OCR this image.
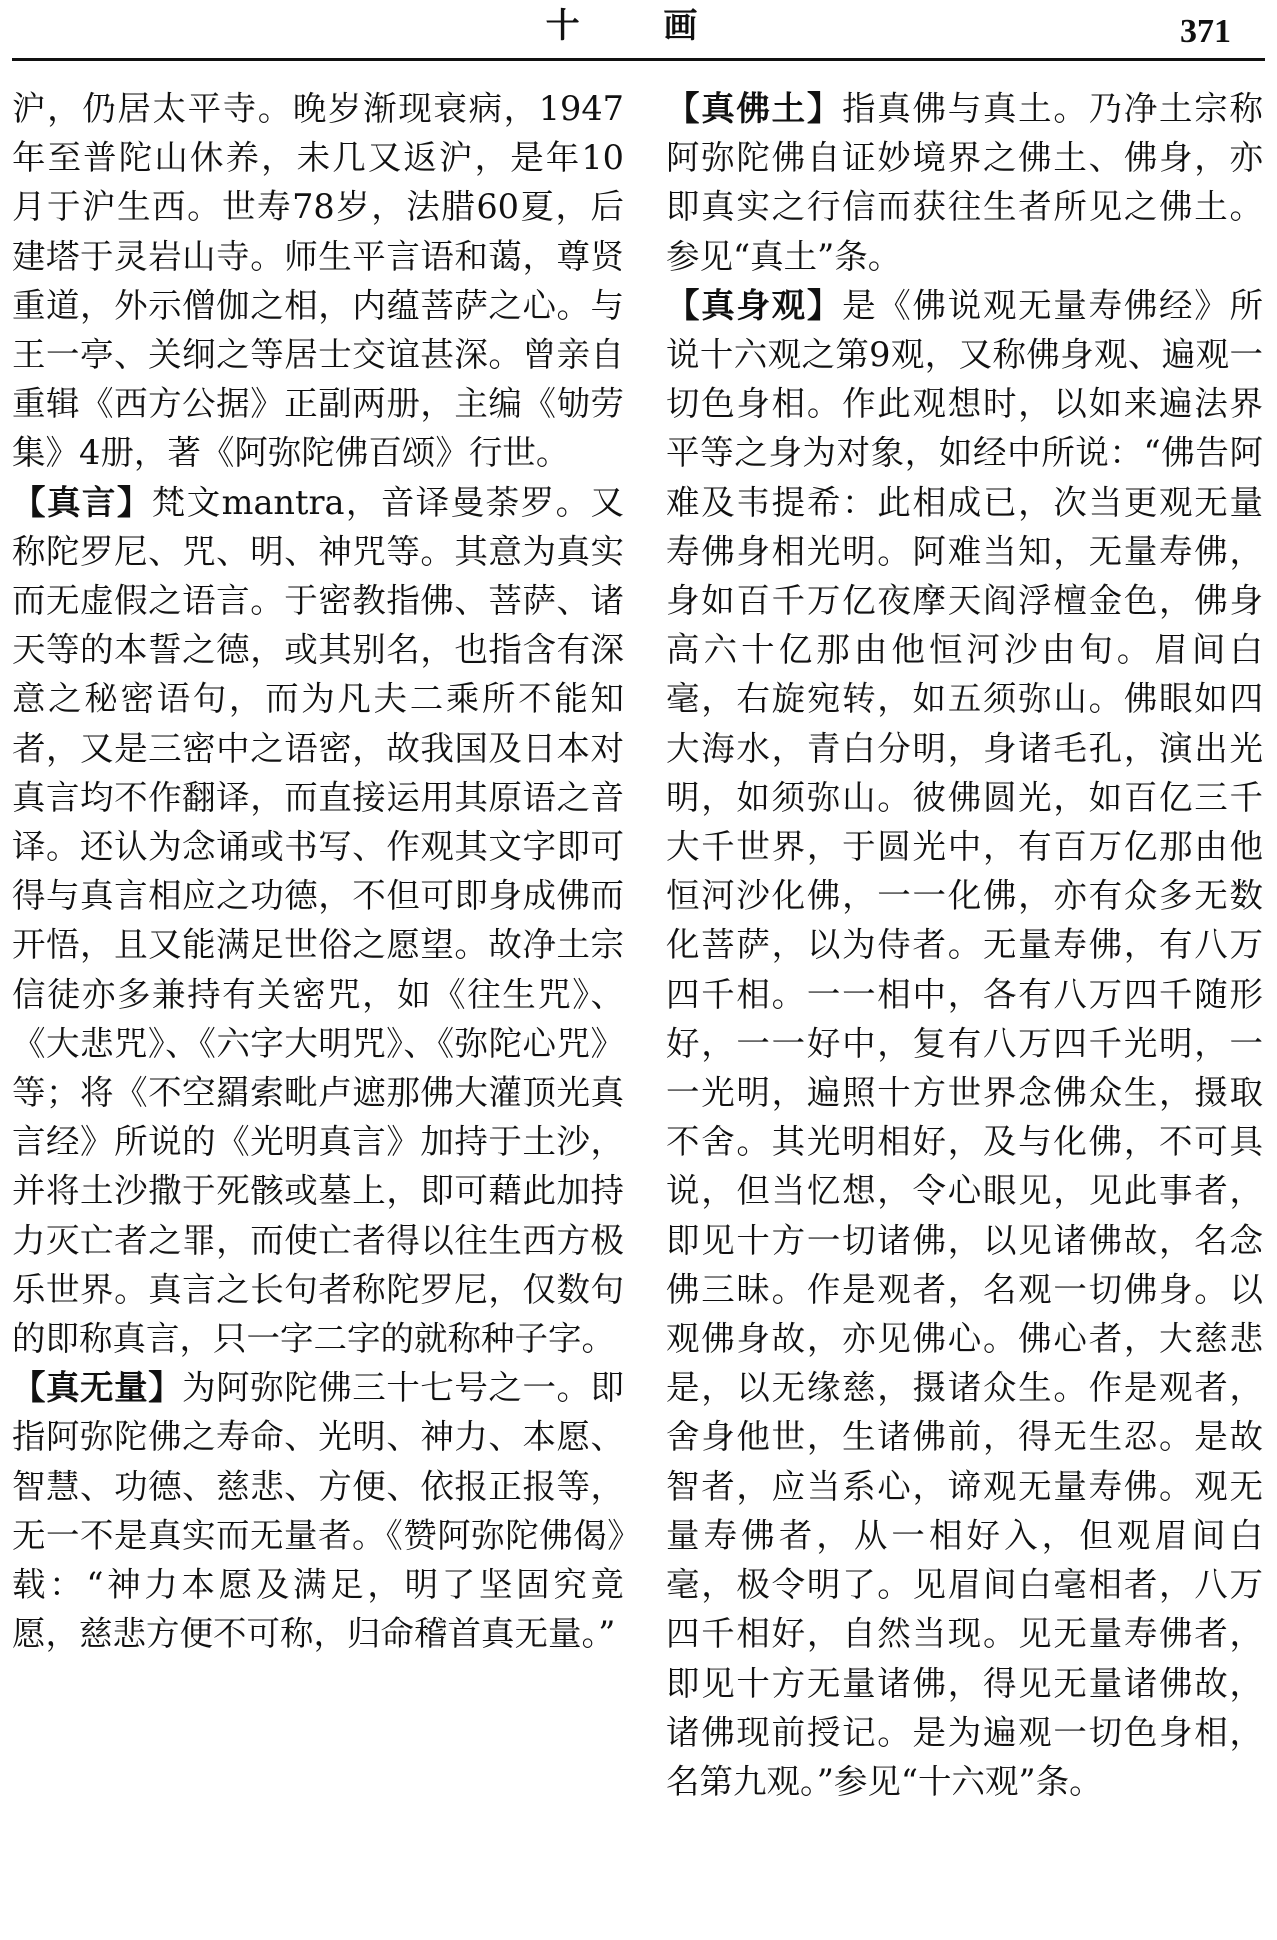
十 画	371

沪，仍居太平寺。晚岁渐现衰病，1947年至普陀山休养，未几又返沪，是年10月于沪生西。世寿78岁，法腊60夏，后建塔于灵岩山寺。师生平言语和蔼，尊贤重道，外示僧伽之相，内蕴菩萨之心。与王一亭、关䌹之等居士交谊甚深。曾亲自重辑《西方公据》正副两册，主编《劬劳集》4册，著《阿弥陀佛百颂》行世。

【真言】梵文mantra，音译曼荼罗。又称陀罗尼、咒、明、神咒等。其意为真实而无虚假之语言。于密教指佛、菩萨、诸天等的本誓之德，或其别名，也指含有深意之秘密语句，而为凡夫二乘所不能知者，又是三密中之语密，故我国及日本对真言均不作翻译，而直接运用其原语之音译。还认为念诵或书写、作观其文字即可得与真言相应之功德，不但可即身成佛而开悟，且又能满足世俗之愿望。故净土宗信徒亦多兼持有关密咒，如《往生咒》、《大悲咒》、《六字大明咒》、《弥陀心咒》等；将《不空羂索毗卢遮那佛大灌顶光真言经》所说的《光明真言》加持于土沙，并将土沙撒于死骸或墓上，即可藉此加持力灭亡者之罪，而使亡者得以往生西方极乐世界。真言之长句者称陀罗尼，仅数句的即称真言，只一字二字的就称种子字。

【真无量】为阿弥陀佛三十七号之一。即指阿弥陀佛之寿命、光明、神力、本愿、智慧、功德、慈悲、方便、依报正报等，无一不是真实而无量者。《赞阿弥陀佛偈》载：“神力本愿及满足，明了坚固究竟愿，慈悲方便不可称，归命稽首真无量。”

【真佛土】指真佛与真土。乃净土宗称阿弥陀佛自证妙境界之佛土、佛身，亦即真实之行信而获往生者所见之佛土。参见“真土”条。

【真身观】是《佛说观无量寿佛经》所说十六观之第9观，又称佛身观、遍观一切色身相。作此观想时，以如来遍法界平等之身为对象，如经中所说：“佛告阿难及韦提希：此相成已，次当更观无量寿佛身相光明。阿难当知，无量寿佛，身如百千万亿夜摩天阎浮檀金色，佛身高六十亿那由他恒河沙由旬。眉间白毫，右旋宛转，如五须弥山。佛眼如四大海水，青白分明，身诸毛孔，演出光明，如须弥山。彼佛圆光，如百亿三千大千世界，于圆光中，有百万亿那由他恒河沙化佛，一一化佛，亦有众多无数化菩萨，以为侍者。无量寿佛，有八万四千相。一一相中，各有八万四千随形好，一一好中，复有八万四千光明，一一光明，遍照十方世界念佛众生，摄取不舍。其光明相好，及与化佛，不可具说，但当忆想，令心眼见，见此事者，即见十方一切诸佛，以见诸佛故，名念佛三昧。作是观者，名观一切佛身。以观佛身故，亦见佛心。佛心者，大慈悲是，以无缘慈，摄诸众生。作是观者，舍身他世，生诸佛前，得无生忍。是故智者，应当系心，谛观无量寿佛。观无量寿佛者，从一相好入，但观眉间白毫，极令明了。见眉间白毫相者，八万四千相好，自然当现。见无量寿佛者，即见十方无量诸佛，得见无量诸佛故，诸佛现前授记。是为遍观一切色身相，名第九观。”参见“十六观”条。
